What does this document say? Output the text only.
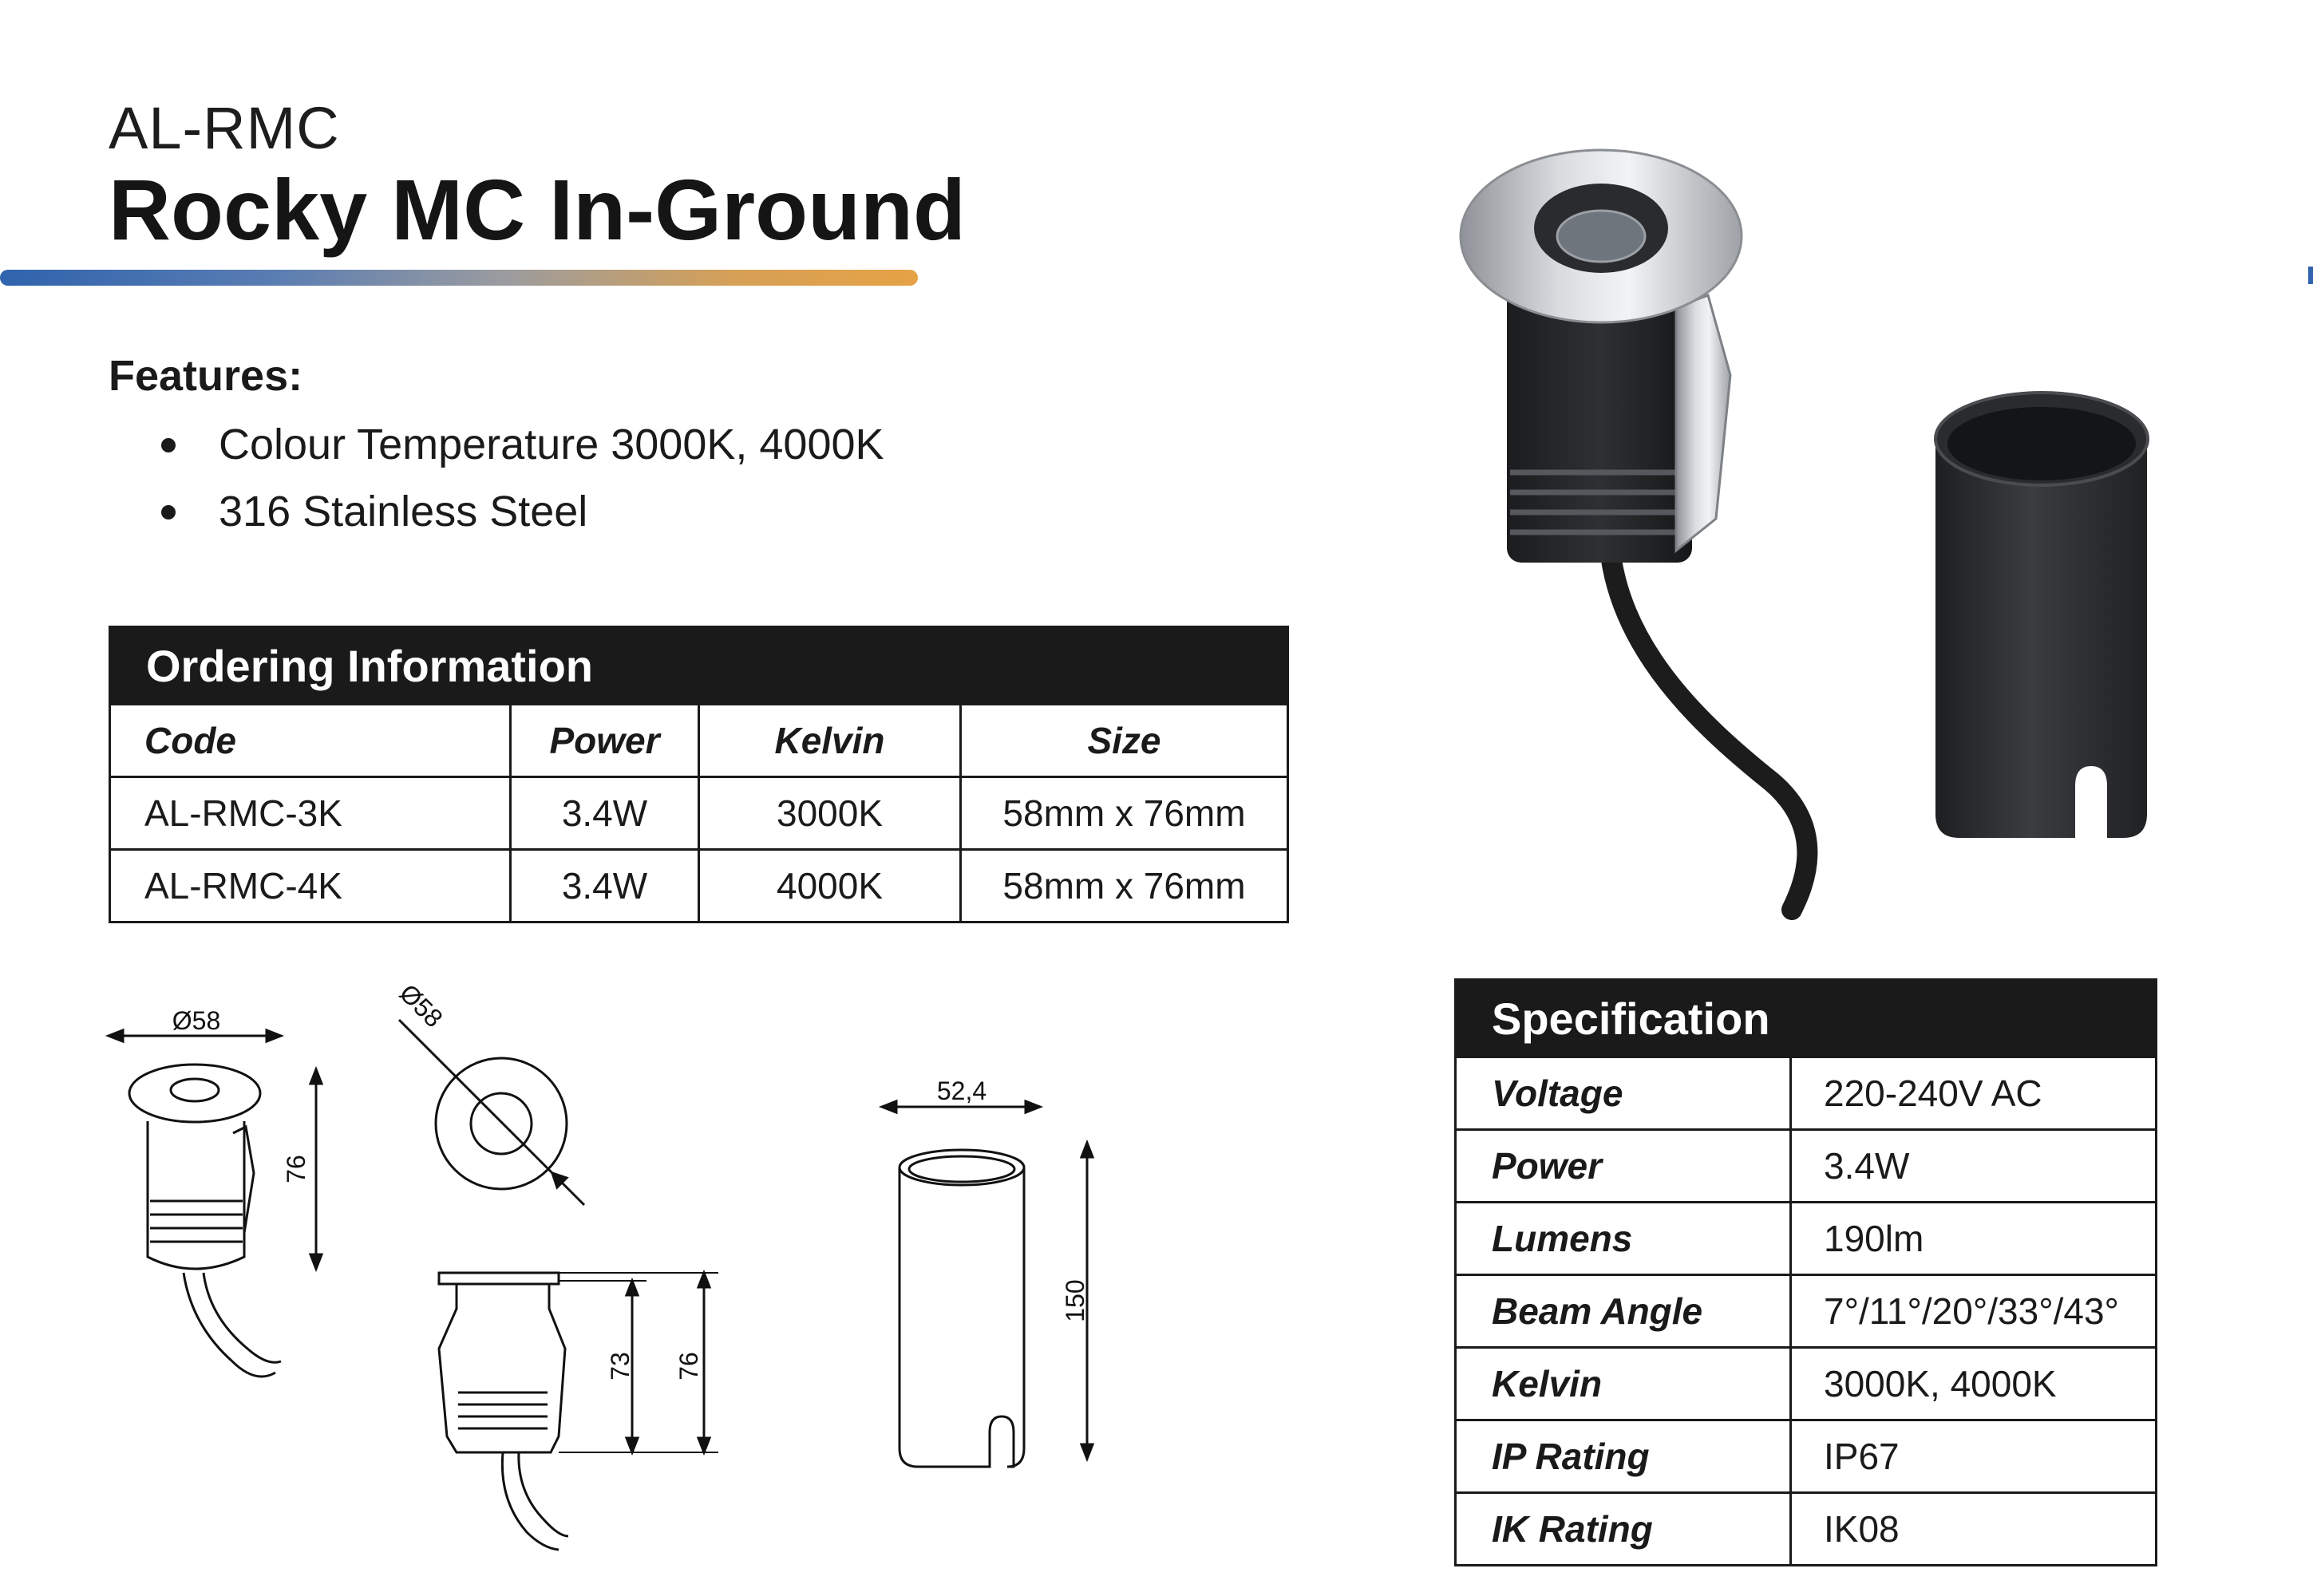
AL-RMC
Rocky MC In-Ground
Features:
Colour Temperature 3000K, 4000K
316 Stainless Steel
Ordering Information			
Code	Power	Kelvin	Size
AL-RMC-3K	3.4W	3000K	58mm x 76mm
AL-RMC-4K	3.4W	4000K	58mm x 76mm
Specification	
Voltage	220-240V AC
Power	3.4W
Lumens	190lm
Beam Angle	7°/11°/20°/33°/43°
Kelvin	3000K, 4000K
IP Rating	IP67
IK Rating	IK08
Ø58
76
Ø58
73 76
52,4
150
